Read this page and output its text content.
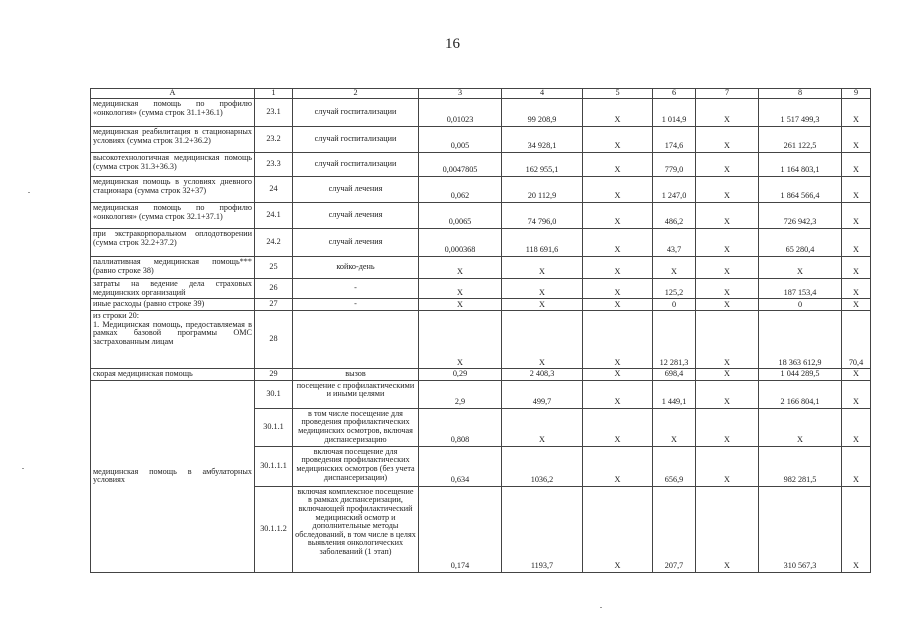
16
А	1	2	3	4	5	6	7	8	9
медицинская помощь по профилю «онкология» (сумма строк 31.1+36.1)	23.1	случай госпитализации	0,01023	99 208,9	Х	1 014,9	Х	1 517 499,3	Х
медицинская реабилитация в стационарных условиях (сумма строк 31.2+36.2)	23.2	случай госпитализации	0,005	34 928,1	Х	174,6	Х	261 122,5	Х
высокотехнологичная медицинская помощь (сумма строк 31.3+36.3)	23.3	случай госпитализации	0,0047805	162 955,1	Х	779,0	Х	1 164 803,1	Х
медицинская помощь в условиях дневного стационара (сумма строк 32+37)	24	случай лечения	0,062	20 112,9	Х	1 247,0	Х	1 864 566,4	Х
медицинская помощь по профилю «онкология» (сумма строк 32.1+37.1)	24.1	случай лечения	0,0065	74 796,0	Х	486,2	Х	726 942,3	Х
при экстракорпоральном оплодотворении (сумма строк 32.2+37.2)	24.2	случай лечения	0,000368	118 691,6	Х	43,7	Х	65 280,4	Х
паллиативная медицинская помощь*** (равно строке 38)	25	койко-день	Х	Х	Х	Х	Х	Х	Х
затраты на ведение дела страховых медицинских организаций	26	-	Х	Х	Х	125,2	Х	187 153,4	Х
иные расходы (равно строке 39)	27	-	Х	Х	Х	0	Х	0	Х

из строки 20:
1. Медицинская помощь, предоставляемая в рамках базовой программы ОМС застрахованным лицам	28		Х	Х	Х	12 281,3	Х	18 363 612,9	70,4
скорая медицинская помощь	29	вызов	0,29	2 408,3	Х	698,4	Х	1 044 289,5	Х
медицинская помощь в амбулаторных условиях	30.1	посещение с профилактическими и иными целями	2,9	499,7	Х	1 449,1	Х	2 166 804,1	Х
	30.1.1	в том числе посещение для проведения профилактических медицинских осмотров, включая диспансеризацию	0,808	Х	Х	Х	Х	Х	Х
	30.1.1.1	включая посещение для проведения профилактических медицинских осмотров (без учета диспансеризации)	0,634	1036,2	Х	656,9	Х	982 281,5	Х
	30.1.1.2	включая комплексное посещение в рамках диспансеризации, включающей профилактический медицинский осмотр и дополнительные методы обследований, в том числе в целях выявления онкологических заболеваний (1 этап)	0,174	1193,7	Х	207,7	Х	310 567,3	Х
